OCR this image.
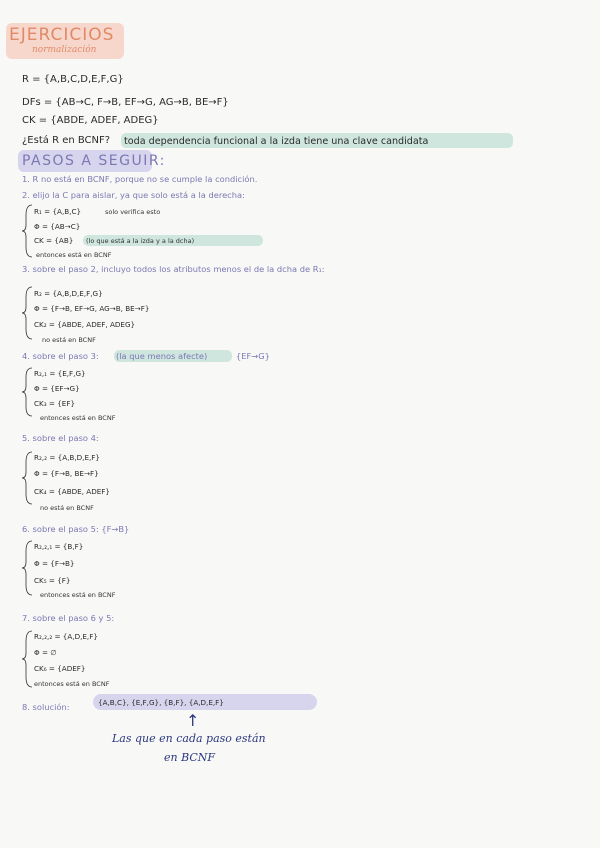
EJERCICIOS
normalización
R = {A,B,C,D,E,F,G}
DFs = {AB→C, F→B, EF→G, AG→B, BE→F}
CK = {ABDE, ADEF, ADEG}
¿Está R en BCNF? toda dependencia funcional a la izda tiene una clave candidata
PASOS A SEGUIR:
1. R no está en BCNF, porque no se cumple la condición.
2. elijo la C para aislar, ya que solo está a la derecha:
R₁ = {A,B,C}	solo verifica esto
Φ = {AB→C}
CK = {AB} (lo que está a la izda y a la dcha)
entonces está en BCNF
3. sobre el paso 2, incluyo todos los atributos menos el de la dcha de R₁:
R₂ = {A,B,D,E,F,G}
Φ = {F→B, EF→G, AG→B, BE→F}
CK₂ = {ABDE, ADEF, ADEG}
no está en BCNF
4. sobre el paso 3: (la que menos afecte)	{EF→G}
R₂,₁ = {E,F,G}
Φ = {EF→G}
CK₃ = {EF}
entonces está en BCNF
5. sobre el paso 4:
R₂,₂ = {A,B,D,E,F}
Φ = {F→B, BE→F}
CK₄ = {ABDE, ADEF}
no está en BCNF
6. sobre el paso 5: {F→B}
R₂,₂,₁ = {B,F}
Φ = {F→B}
CK₅ = {F}
entonces está en BCNF
7. sobre el paso 6 y 5:
R₂,₂,₂ = {A,D,E,F}
Φ = ∅
CK₆ = {ADEF}
entonces está en BCNF
8. solución:	{A,B,C}, {E,F,G}, {B,F}, {A,D,E,F}
↑
Las que en cada paso están
en BCNF
